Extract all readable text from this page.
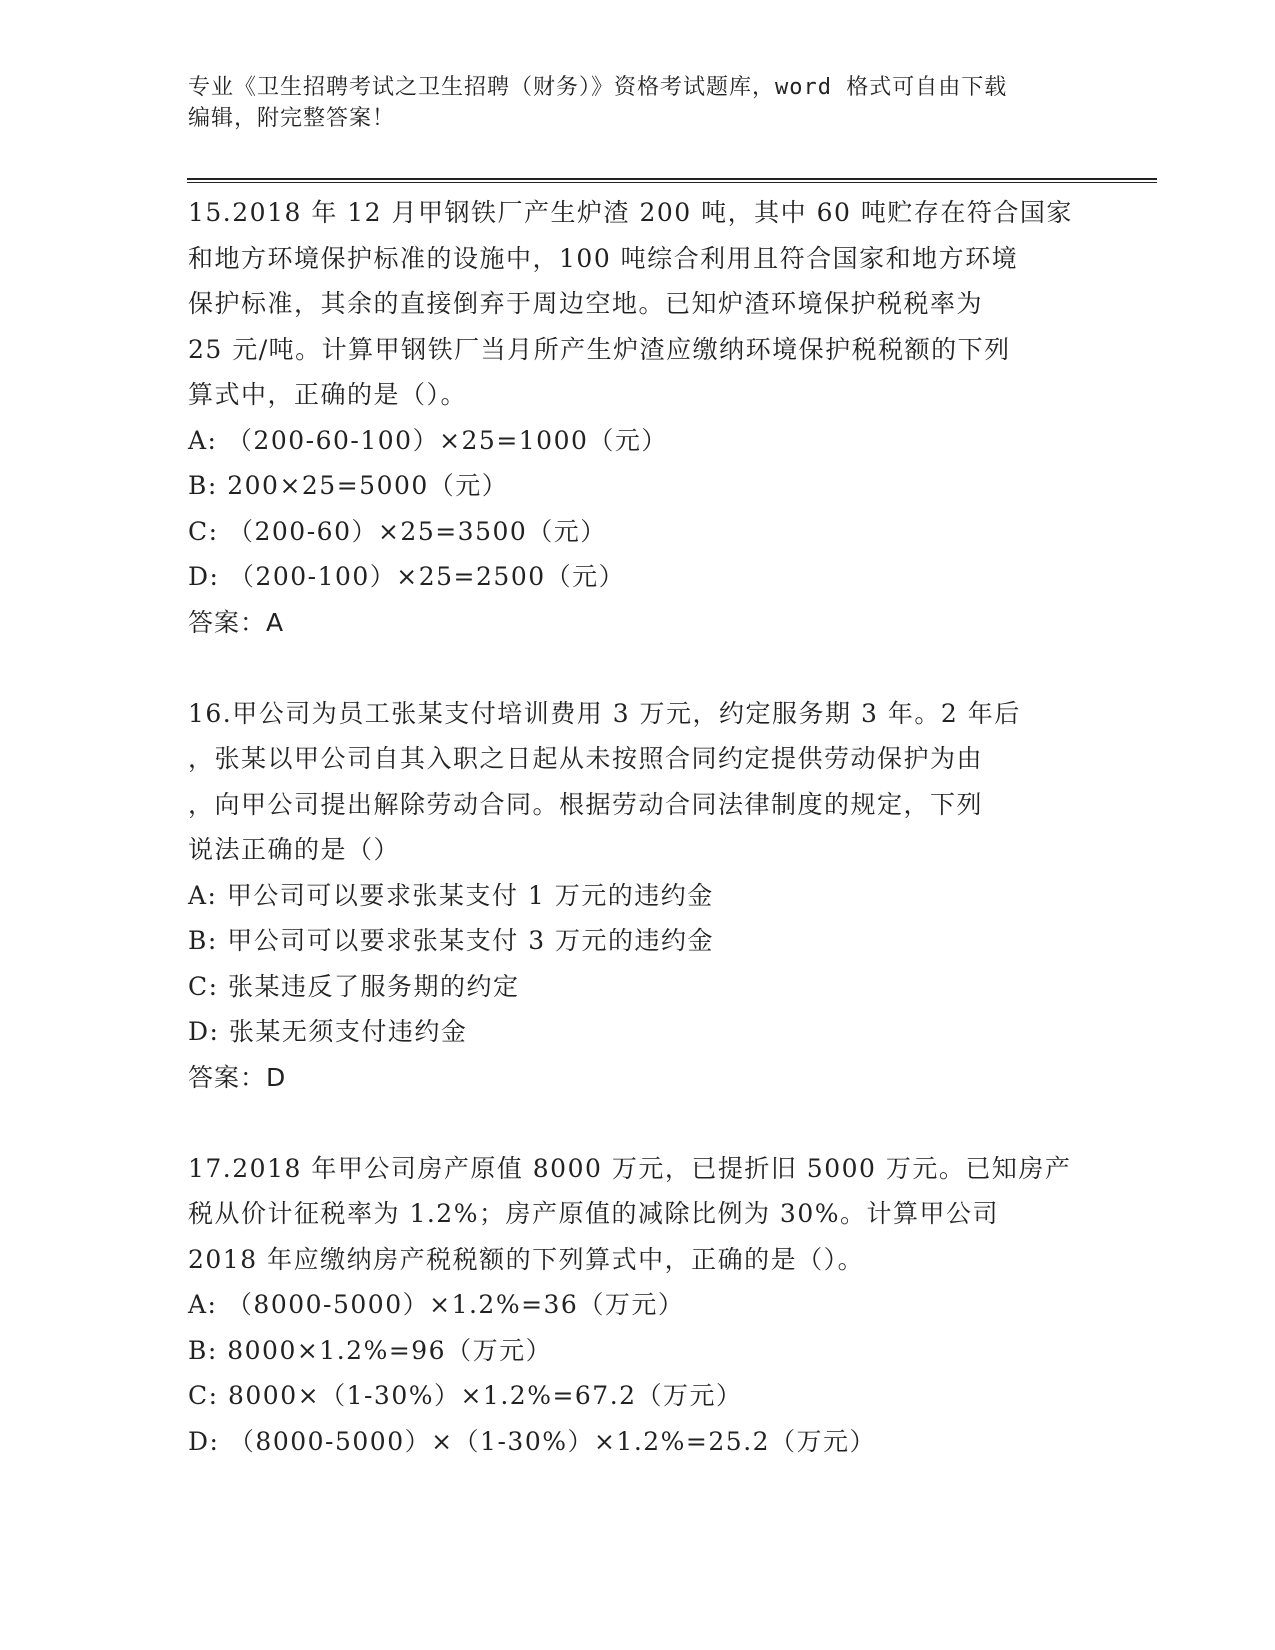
专业《卫生招聘考试之卫生招聘（财务）》资格考试题库，word 格式可自由下载
编辑，附完整答案！
15.2018 年 12 月甲钢铁厂产生炉渣 200 吨，其中 60 吨贮存在符合国家
和地方环境保护标准的设施中，100 吨综合利用且符合国家和地方环境
保护标准，其余的直接倒弃于周边空地。已知炉渣环境保护税税率为
25 元/吨。计算甲钢铁厂当月所产生炉渣应缴纳环境保护税税额的下列
算式中，正确的是（）。
A: （200-60-100）×25=1000（元）
B: 200×25=5000（元）
C: （200-60）×25=3500（元）
D: （200-100）×25=2500（元）
答案：A
16.甲公司为员工张某支付培训费用 3 万元，约定服务期 3 年。2 年后
，张某以甲公司自其入职之日起从未按照合同约定提供劳动保护为由
，向甲公司提出解除劳动合同。根据劳动合同法律制度的规定，下列
说法正确的是（）
A: 甲公司可以要求张某支付 1 万元的违约金
B: 甲公司可以要求张某支付 3 万元的违约金
C: 张某违反了服务期的约定
D: 张某无须支付违约金
答案：D
17.2018 年甲公司房产原值 8000 万元，已提折旧 5000 万元。已知房产
税从价计征税率为 1.2%；房产原值的减除比例为 30%。计算甲公司
2018 年应缴纳房产税税额的下列算式中，正确的是（）。
A: （8000-5000）×1.2%=36（万元）
B: 8000×1.2%=96（万元）
C: 8000×（1-30%）×1.2%=67.2（万元）
D: （8000-5000）×（1-30%）×1.2%=25.2（万元）
